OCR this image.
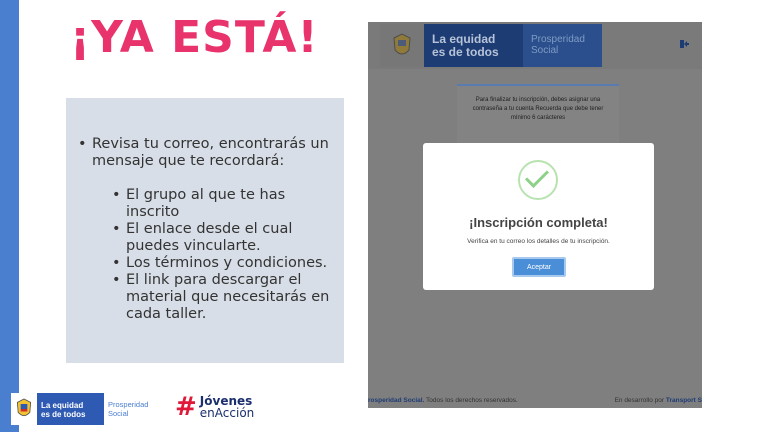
¡YA ESTÁ!
• Revisa tu correo, encontrarás un mensaje que te recordará:
• El grupo al que te has inscrito
• El enlace desde el cual puedes vincularte.
• Los términos y condiciones.
• El link para descargar el material que necesitarás en cada taller.
La equidad
es de todos
Prosperidad
Social
Para finalizar tu inscripción, debes asignar una contraseña a tu cuenta Recuerda que debe tener mínimo 6 carácteres
rosperidad Social. Todos los derechos reservados.	En desarrollo por Transport S
¡Inscripción completa!
Verifica en tu correo los detalles de tu inscripción.
Aceptar
La equidad
es de todos
Prosperidad
Social	# Jóvenes
enAcción
